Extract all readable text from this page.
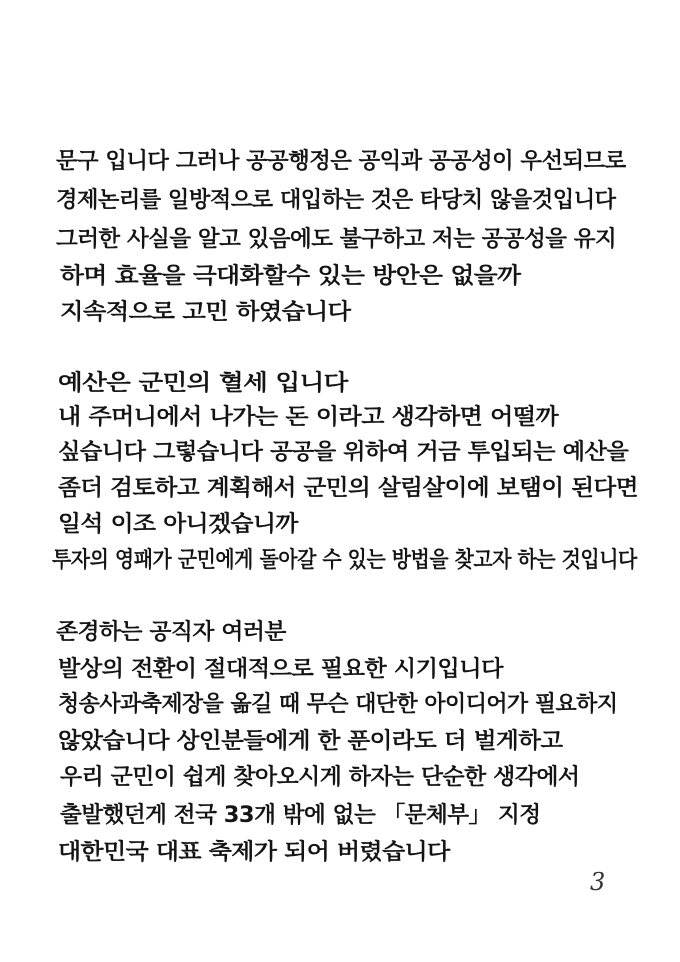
문구 입니다 그러나 공공행정은 공익과 공공성이 우선되므로
경제논리를 일방적으로 대입하는 것은 타당치 않을것입니다
그러한 사실을 알고 있음에도 불구하고 저는 공공성을 유지
하며 효율을 극대화할수 있는 방안은 없을까
지속적으로 고민 하였습니다
예산은 군민의 혈세 입니다
내 주머니에서 나가는 돈 이라고 생각하면 어떨까
싶습니다 그렇습니다 공공을 위하여 거금 투입되는 예산을
좀더 검토하고 계획해서 군민의 살림살이에 보탬이 된다면
일석 이조 아니겠습니까
투자의 영패가 군민에게 돌아갈 수 있는 방법을 찾고자 하는 것입니다
존경하는 공직자 여러분
발상의 전환이 절대적으로 필요한 시기입니다
청송사과축제장을 옮길 때 무슨 대단한 아이디어가 필요하지
않았습니다 상인분들에게 한 푼이라도 더 벌게하고
우리 군민이 쉽게 찾아오시게 하자는 단순한 생각에서
출발했던게 전국 33개 밖에 없는 「문체부」 지정
대한민국 대표 축제가 되어 버렸습니다
3
